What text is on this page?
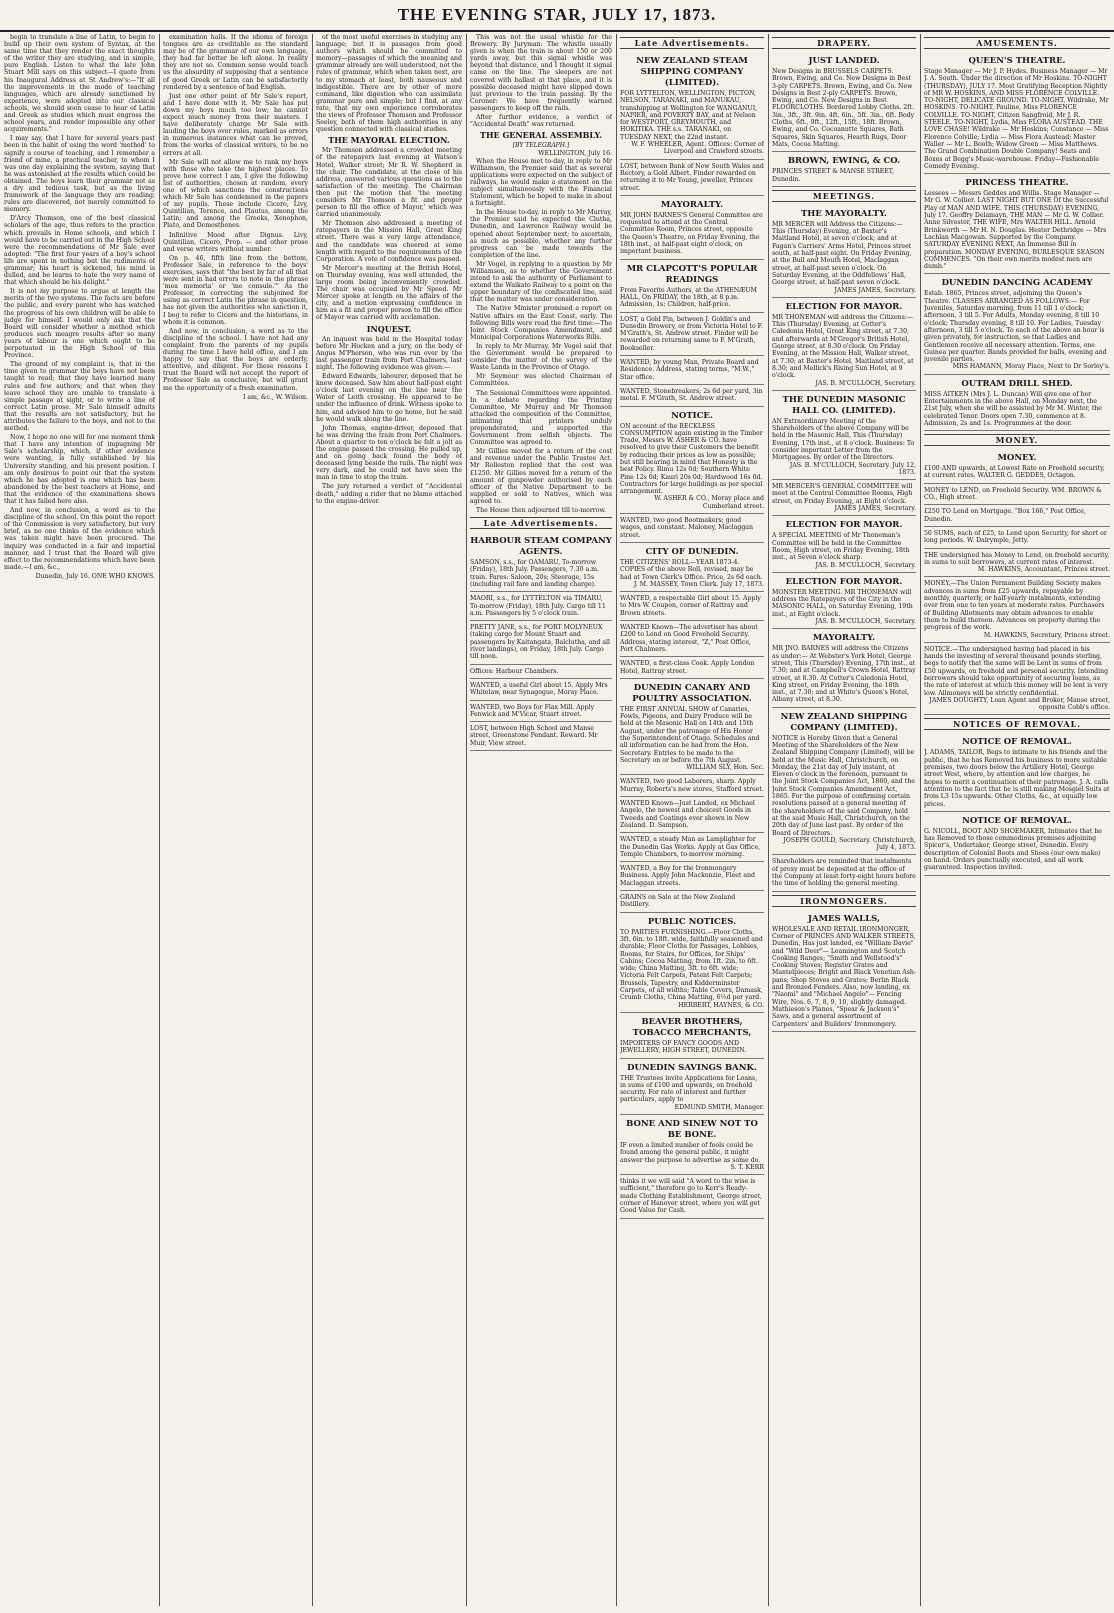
THE EVENING STAR, JULY 17, 1873.
begin to translate a line of Latin, to begin to build up their own system of Syntax, at the same time that they render the exact thoughts of the writer they are studying, and in simple, pure English. Listen to what the late John Stuart Mill says on this subject—I quote from his Inaugural Address at St Andrew's:—"If all the improvements in the mode of teaching languages, which are already sanctioned by experience, were adopted into our classical schools, we should soon cease to hear of Latin and Greek as studies which must engross the school years, and render impossible any other acquirements."
I may say, that I have for several years past been in the habit of using the word 'method' to signify a course of teaching, and I remember a friend of mine, a practical teacher, to whom I was one day explaining the system, saying that he was astonished at the results which could be obtained. The boys learn their grammar not as a dry and tedious task, but as the living framework of the language they are reading; rules are discovered, not merely committed to memory.
D'Arcy Thomson, one of the best classical scholars of the age, thus refers to the practice which prevails in Home schools, and which I would have to be carried out in the High School were the recommendations of Mr Sale ever adopted: "The first four years of a boy's school life are spent in nothing but the rudiments of grammar; his heart is sickened, his mind is dulled, and he learns to hate the very name of that which should be his delight."
It is not my purpose to argue at length the merits of the two systems. The facts are before the public, and every parent who has watched the progress of his own children will be able to judge for himself. I would only ask that the Board will consider whether a method which produces such meagre results after so many years of labour is one which ought to be perpetuated in the High School of this Province.
The ground of my complaint is, that in the time given to grammar the boys have not been taught to read; that they have learned many rules and few authors; and that when they leave school they are unable to translate a simple passage at sight, or to write a line of correct Latin prose. Mr Sale himself admits that the results are not satisfactory, but he attributes the failure to the boys, and not to the method.
Now, I hope no one will for one moment think that I have any intention of impugning Mr Sale's scholarship, which, if other evidence were wanting, is fully established by his University standing, and his present position. I am only desirous to point out that the system which he has adopted is one which has been abandoned by the best teachers at Home, and that the evidence of the examinations shows that it has failed here also.
And now, in conclusion, a word as to the discipline of the school. On this point the report of the Commission is very satisfactory, but very brief, as no one thinks of the evidence which was taken might have been procured. The inquiry was conducted in a fair and impartial manner, and I trust that the Board will give effect to the recommendations which have been made.—I am, &c.,
Dunedin, July 16. ONE WHO KNOWS.
examination halls. If the idioms of foreign tongues are as creditable as the standard may be of the grammar of our own language, they had far better be left alone. In reality they are not so. Common sense would teach us the absurdity of supposing that a sentence of good Greek or Latin can be satisfactorily rendered by a sentence of bad English.
Just one other point of Mr Sale's report, and I have done with it. Mr Sale has put down my boys much too low; he cannot expect much money from their masters. I have deliberately charge Mr Sale with lauding the boys over rules, marked as errors in numerous instances what can be proved, from the works of classical writers, to be no errors at all.
Mr Sale will not allow me to rank my boys with those who take the highest places. To prove how correct I am, I give the following list of authorities, chosen at random, every one of which sanctions the constructions which Mr Sale has condemned in the papers of my pupils. These include Cicero, Livy, Quintilian, Terence, and Plautus, among the Latin; and among the Greeks, Xenophon, Plato, and Demosthenes.
Infinitive Mood after Dignus. Livy, Quintilian, Cicero, Prop. — and other prose and verse writers without number.
On p. 46, fifth line from the bottom, Professor Sale, in reference to the boys' exercises, says that "the best by far of all that were sent in had errors to note in the phrase 'mea memoria' or 'me consule.'" As the Professor, in correcting the subjoined for using as correct Latin the phrase in question, has not given the authorities who sanction it, I beg to refer to Cicero and the historians, in whom it is common.
And now, in conclusion, a word as to the discipline of the school. I have not had any complaint from the parents of my pupils during the time I have held office, and I am happy to say that the boys are orderly, attentive, and diligent. For these reasons I trust the Board will not accept the report of Professor Sale as conclusive, but will grant me the opportunity of a fresh examination.
I am, &c., W. Wilson.
of the most useful exercises in studying any language; but it is passages from good authors which should be committed to memory—passages of which the meaning and grammar already are well understood, not the rules of grammar, which when taken next, are to my stomach at least, both nauseous and indigestible. There are by other of more command, like digestion who can assimilate grammar pure and simple; but I find, at any rate, that my own experience corroborates the views of Professor Thomson and Professor Seeley, both of them high authorities in any question connected with classical studies.
THE MAYORAL ELECTION.
Mr Thomson addressed a crowded meeting of the ratepayers last evening at Watson's Hotel, Walker street; Mr R. W. Shepherd in the chair. The candidate, at the close of his address, answered various questions as to the satisfaction of the meeting. The Chairman then put the motion that 'the meeting considers Mr Thomson a fit and proper person to fill the office of Mayor,' which was carried unanimously.
Mr Thomson also addressed a meeting of ratepayers in the Mission Hall, Great King street. There was a very large attendance, and the candidate was cheered at some length with regard to the requirements of the Corporation. A vote of confidence was passed.
Mr Mercer's meeting at the British Hotel, on Thursday evening, was well attended, the large room being inconveniently crowded. The chair was occupied by Mr Speed. Mr Mercer spoke at length on the affairs of the city, and a motion expressing confidence in him as a fit and proper person to fill the office of Mayor was carried with acclamation.
INQUEST.
An inquest was held in the Hospital today before Mr Hocken and a jury, on the body of Angus M'Pherson, who was run over by the last passenger train from Port Chalmers, last night. The following evidence was given:—
Edward Edwards, labourer, deposed that he knew deceased. Saw him about half-past eight o'clock last evening on the line near the Water of Leith crossing. He appeared to be under the influence of drink. Witness spoke to him, and advised him to go home, but he said he would walk along the line.
John Thomas, engine-driver, deposed that he was driving the train from Port Chalmers. About a quarter to ten o'clock he felt a jolt as the engine passed the crossing. He pulled up, and on going back found the body of deceased lying beside the rails. The night was very dark, and he could not have seen the man in time to stop the train.
The jury returned a verdict of "Accidental death," adding a rider that no blame attached to the engine-driver.
This was not the usual whistle for the Brewery. By Juryman: The whistle usually given is when the train is about 150 or 200 yards away, but this signal whistle was beyond that distance, and I thought it signal came on the line. The sleepers are not covered with ballast at that place, and it is possible deceased might have slipped down just previous to the train passing. By the Coroner: We have frequently warned passengers to keep off the rails.
After further evidence, a verdict of "Accidental Death" was returned.
THE GENERAL ASSEMBLY.
[BY TELEGRAPH.]
WELLINGTON, July 16.
When the House met to-day, in reply to Mr Williamson, the Premier said that as several applications were expected on the subject of railways, he would make a statement on the subject simultaneously with the Financial Statement, which he hoped to make in about a fortnight.
In the House to-day, in reply to Mr Murray, the Premier said he expected the Clutha, Dunedin, and Lawrence Railway would be opened about September next; to ascertain, as much as possible, whether any further progress can be made towards the completion of the line.
Mr Vogel, in replying to a question by Mr Williamson, as to whether the Government intend to ask the authority of Parliament to extend the Waikato Railway to a point on the upper boundary of the confiscated line, said that the matter was under consideration.
The Native Minister promised a report on Native affairs on the East Coast, early. The following Bills were read the first time:—The Joint Stock Companies Amendment, and Municipal Corporations Waterworks Bills.
In reply to Mr Murray, Mr Vogel said that the Government would be prepared to consider the matter of the survey of the Waste Lands in the Province of Otago.
Mr Seymour was elected Chairman of Committees.
The Sessional Committees were appointed. In a debate regarding the Printing Committee, Mr Murray and Mr Thomson attacked the composition of the Committee, intimating that printers unduly preponderated, and supported the Government from selfish objects. The Committee was agreed to.
Mr Gillies moved for a return of the cost and revenue under the Public Trustee Act. Mr Rolleston replied that the cost was £1250. Mr Gillies moved for a return of the amount of gunpowder authorised by each officer of the Native Department to be supplied or sold to Natives, which was agreed to.
The House then adjourned till to-morrow.
Late Advertisements.
HARBOUR STEAM COMPANY AGENTS.
SAMSON, s.s., for OAMARU, To-morrow (Friday), 18th July. Passengers, 7.30 a.m. train. Fares: Saloon, 20s; Steerage, 15s (including rail fare and landing charge).
MAORI, s.s., for LYTTELTON via TIMARU, To-morrow (Friday), 18th July. Cargo till 11 a.m. Passengers by 5 o'clock train.
PRETTY JANE, s.s., for PORT MOLYNEUX (taking cargo for Mount Stuart and passengers by Kaitangata, Balclutha, and all river landings), on Friday, 18th July. Cargo till noon.
Offices: Harbour Chambers.
WANTED, a useful Girl about 15. Apply Mrs Whitelaw, near Synagogue, Moray Place.
WANTED, two Boys for Flax Mill. Apply Fenwick and M'Vicar, Stuart street.
LOST, between High School and Manse street, Greenstone Pendant. Reward. Mr Muir, View street.
Late Advertisements.
NEW ZEALAND STEAM SHIPPING COMPANY (LIMITED).
FOR LYTTELTON, WELLINGTON, PICTON, NELSON, TARANAKI, and MANUKAU, transhipping at Wellington for WANGANUI, NAPIER, and POVERTY BAY, and at Nelson for WESTPORT, GREYMOUTH, and HOKITIKA. THE s.s. TARANAKI, on TUESDAY NEXT, the 22nd instant.
W. F. WHEELER, Agent. Offices: Corner of Liverpool and Crawford streets.
LOST, between Bank of New South Wales and Rectory, a Gold Albert. Finder rewarded on returning it to Mr Young, jeweller, Princes street.
MAYORALTY.
MR JOHN BARNES'S General Committee are requested to attend at the Central Committee Room, Princes street, opposite the Queen's Theatre, on Friday Evening, the 18th inst., at half-past eight o'clock, on important business.
MR CLAPCOTT'S POPULAR READINGS
From Favorite Authors, at the ATHENÆUM HALL, On FRIDAY, the 18th, at 8 p.m. Admission, 1s; Children, half-price.
LOST, a Gold Pin, between J. Goldin's and Dunedin Brewery, or from Victoria Hotel to F. M'Grath's, St. Andrew street. Finder will be rewarded on returning same to F. M'Grath, Bookseller.
WANTED, by young Man, Private Board and Residence. Address, stating terms, "M.W.," Star office.
WANTED, Stonebreakers; 2s 6d per yard, 3in metal. F. M'Grath, St. Andrew street.
NOTICE.
ON account of the RECKLESS CONSUMPTION again existing in the Timber Trade, Messrs W. ASHER & CO. have resolved to give their Customers the benefit by reducing their prices as low as possible; but still bearing in mind that Honesty is the best Policy. Rimu 12s 0d; Southern White Pine 12s 0d; Kauri 20s 0d; Hardwood 16s 0d. Contractors for large buildings as per special arrangement.
W. ASHER & CO., Moray place and Cumberland street.
WANTED, two good Bootmakers; good wages, and constant. Maloney, Maclaggan street.
CITY OF DUNEDIN.
THE CITIZENS' ROLL—YEAR 1873-4. COPIES of the above Roll, revised, may be had at Town Clerk's Office. Price, 2s 6d each.
J. M. MASSEY, Town Clerk. July 17, 1873.
WANTED, a respectable Girl about 15. Apply to Mrs W. Coupon, corner of Rattray and Brown streets.
WANTED Known—The advertiser has about £200 to Lend on Good Freehold Security. Address, stating interest, "Z," Post Office, Port Chalmers.
WANTED, a first-class Cook. Apply London Hotel, Rattray street.
DUNEDIN CANARY AND POULTRY ASSOCIATION.
THE FIRST ANNUAL SHOW of Canaries, Fowls, Pigeons, and Dairy Produce will be held at the Masonic Hall on 14th and 15th August, under the patronage of His Honor the Superintendent of Otago. Schedules and all information can be had from the Hon. Secretary. Entries to be made to the Secretary on or before the 7th August.
WILLIAM SLY, Hon. Sec.
WANTED, two good Laborers, sharp. Apply Murray, Roberts's new stores, Stafford street.
WANTED Known—Just Landed, ex Michael Angelo, the newest and choicest Goods in Tweeds and Coatings ever shown in New Zealand. D. Sampson.
WANTED, a steady Man as Lamplighter for the Dunedin Gas Works. Apply at Gas Office, Temple Chambers, to-morrow morning.
WANTED, a Boy for the Ironmongery Business. Apply John Mackenzie, Fleet and Maclaggan streets.
GRAINS on Sale at the New Zealand Distillery.
PUBLIC NOTICES.
TO PARTIES FURNISHING.—Floor Cloths, 3ft. 6in. to 18ft. wide, faithfully seasoned and durable; Floor Cloths for Passages, Lobbies, Rooms, for Stairs, for Offices, for Ships' Cabins; Cocoa Matting, from 1ft. 2in. to 6ft. wide; China Matting, 3ft. to 6ft. wide; Victoria Felt Carpets, Patent Felt Carpets; Brussels, Tapestry, and Kidderminster Carpets, of all widths; Table Covers, Damask, Crumb Cloths, China Matting, 6½d per yard.
HERBERT, HAYNES, & CO.
BEAVER BROTHERS, TOBACCO MERCHANTS,
IMPORTERS OF FANCY GOODS AND JEWELLERY, HIGH STREET, DUNEDIN.
DUNEDIN SAVINGS BANK.
THE Trustees invite Applications for Loans, in sums of £100 and upwards, on freehold security. For rate of interest and further particulars, apply to
EDMUND SMITH, Manager.
BONE AND SINEW NOT TO BE BONE.
IF even a limited number of fools could be found among the general public, it might answer the purpose to advertise as some do.
S. T. KERR
thinks it we will said "A word to the wise is sufficient," therefore go to Kerr's Ready-made Clothing Establishment, George street, corner of Hanover street, where you will get Good Value for Cash.
DRAPERY.
JUST LANDED.
New Designs in BRUSSELS CARPETS. Brown, Ewing, and Co. New Designs in Best 3-ply CARPETS. Brown, Ewing, and Co. New Designs in Best 2-ply CARPETS. Brown, Ewing, and Co. New Designs in Best FLOORCLOTHS. Bordered Lobby Cloths. 2ft. 3in., 3ft., 3ft. 9in. 4ft. 6in., 5ft. 3in., 6ft. Body Cloths, 6ft., 9ft., 12ft., 15ft., 18ft. Brown, Ewing, and Co. Cocoanutte Squares, Bath Squares, Skin Squares, Hearth Rugs, Door Mats, Cocoa Matting.
BROWN, EWING, & CO.
PRINCES STREET & MANSE STREET, Dunedin.
MEETINGS.
THE MAYORALTY.
MR MERCER will Address the Citizens:— This (Thursday) Evening, at Baxter's Maitland Hotel, at seven o'clock; and at Fagan's Carriers' Arms Hotel, Princes street south, at half-past eight. On Friday Evening, at the Bull and Mouth Hotel, Maclaggan street, at half-past seven o'clock. On Saturday Evening, at the Oddfellows' Hall, George street, at half-past seven o'clock.
JAMES JAMES, Secretary.
ELECTION FOR MAYOR.
MR THONEMAN will address the Citizens:— This (Thursday) Evening, at Cotter's Caledonia Hotel, Great King street, at 7.30, and afterwards at M'Gregor's British Hotel, George street, at 8.30 o'clock. On Friday Evening, at the Mission Hall, Walker street, at 7.30; at Baxter's Hotel, Maitland street, at 8.30; and Mellick's Rising Sun Hotel, at 9 o'clock.
JAS. B. M'CULLOCH, Secretary.
THE DUNEDIN MASONIC HALL CO. (LIMITED).
AN Extraordinary Meeting of the Shareholders of the above Company will be held in the Masonic Hall, This (Thursday) Evening, 17th inst., at 8 o'clock. Business: To consider important Letter from the Mortgagees. By order of the Directors.
JAS. B. M'CULLOCH, Secretary. July 12, 1873.
MR MERCER'S GENERAL COMMITTEE will meet at the Central Committee Rooms, High street, on Friday Evening, at Eight o'clock.
JAMES JAMES, Secretary.
ELECTION FOR MAYOR.
A SPECIAL MEETING of Mr Thoneman's Committee will be held in the Committee Room, High street, on Friday Evening, 18th inst., at Seven o'clock sharp.
JAS. B. M'CULLOCH, Secretary.
ELECTION FOR MAYOR.
MONSTER MEETING. MR THONEMAN will address the Ratepayers of the City in the MASONIC HALL, on Saturday Evening, 19th inst., at Eight o'clock.
JAS. B. M'CULLOCH, Secretary.
MAYORALTY.
MR JNO. BARNES will address the Citizens as under:— At Webster's York Hotel, George street, This (Thursday) Evening, 17th inst., at 7.30; and at Campbell's Crown Hotel, Rattray street, at 8.30. At Cotter's Caledonia Hotel, King street, on Friday Evening, the 18th inst., at 7.30; and at White's Queen's Hotel, Albany street, at 8.30.
NEW ZEALAND SHIPPING COMPANY (LIMITED).
NOTICE is Hereby Given that a General Meeting of the Shareholders of the New Zealand Shipping Company (Limited), will be held at the Music Hall, Christchurch, on Monday, the 21st day of July instant, at Eleven o'clock in the forenoon, pursuant to the Joint Stock Companies Act, 1860, and the Joint Stock Companies Amendment Act, 1865. For the purpose of confirming certain resolutions passed at a general meeting of the shareholders of the said Company, held at the said Music Hall, Christchurch, on the 20th day of June last past. By order of the Board of Directors.
JOSEPH GOULD, Secretary. Christchurch, July 4, 1873.
Shareholders are reminded that instalments of proxy must be deposited at the office of the Company at least forty-eight hours before the time of holding the general meeting.
IRONMONGERS.
JAMES WALLS,
WHOLESALE AND RETAIL IRONMONGER, Corner of PRINCES AND WALKER STREETS, Dunedin, Has just landed, ex "William Davie" and "Wild Deer"— Leamington and Scotch Cooking Ranges; "Smith and Wellstood's" Cooking Stoves; Register Grates and Mantelpieces; Bright and Black Venetian Ash-pans; Shop Stoves and Grates; Berlin Black and Bronzed Fenders. Also, now landing, ex "Naomi" and "Michael Angelo"— Fencing Wire, Nos. 6, 7, 8, 9, 10, slightly damaged. Mathieson's Planes, "Spear & Jackson's" Saws, and a general assortment of Carpenters' and Builders' Ironmongery.
AMUSEMENTS.
QUEEN'S THEATRE.
Stage Manager — Mr J. P. Hydes. Business Manager — Mr J. A. South. Under the direction of Mr Hoskins. TO-NIGHT (THURSDAY), JULY 17. Most Gratifying Reception Nightly of MR W. HOSKINS, AND MISS FLORENCE COLVILLE. TO-NIGHT, DELICATE GROUND. TO-NIGHT, Wildrake, Mr HOSKINS. TO-NIGHT, Pauline, Miss FLORENCE COLVILLE. TO-NIGHT, Citizen Sangfroid, Mr J. R. STEELE. TO-NIGHT, Lydia, Miss FLORA AUSTEAD. THE LOVE CHASE! Wildrake — Mr Hoskins; Constance — Miss Florence Colville; Lydia — Miss Flora Austead; Master Waller — Mr L. Booth; Widow Green — Miss Matthews. The Grand Combination Double Company! Seats and Boxes at Begg's Music-warehouse. Friday—Fashionable Comedy Evening.
PRINCESS THEATRE.
Lessees — Messrs Geddes and Willis. Stage Manager — Mr G. W. Collier. LAST NIGHT BUT ONE Of the Successful Play of MAN AND WIFE. THIS (THURSDAY) EVENING, July 17. Geoffry Delamayn, THE MAN — Mr G. W. Collier. Anne Silvester, THE WIFE, Mrs WALTER HILL. Arnold Brinkworth — Mr H. N. Douglas. Hester Dethridge — Mrs Lachlan Macgowan. Supported by the Company. SATURDAY EVENING NEXT, An Immense Bill in preparation. MONDAY EVENING, BURLESQUE SEASON COMMENCES. "On their own merits modest men are dumb."
DUNEDIN DANCING ACADEMY
Estab. 1865, Princes street, adjoining the Queen's Theatre. CLASSES ARRANGED AS FOLLOWS:— For Juveniles, Saturday morning, from 11 till 1 o'clock; afternoon, 3 till 5. For Adults, Monday evening, 8 till 10 o'clock; Thursday evening, 8 till 10. For Ladies, Tuesday afternoon, 3 till 5 o'clock. To each of the above an hour is given privately, for instruction, so that Ladies and Gentlemen receive all necessary attention. Terms, one Guinea per quarter. Bands provided for balls, evening and juvenile parties.
MRS HAMANN, Moray Place, Next to Dr Sorley's.
OUTRAM DRILL SHED.
MISS AITKEN (Mrs J. L. Duncan) Will give one of her Entertainments in the above Hall, on Monday next, the 21st July, when she will be assisted by Mr M. Winter, the celebrated Tenor. Doors open 7.30, commence at 8. Admission, 2s and 1s. Programmes at the door.
MONEY.
MONEY.
£100 AND upwards, at Lowest Rate on Freehold security, at current rates. WALTER G. GEDDES, Octagon.
MONEY to LEND, on Freehold Security. WM. BROWN & CO., High street.
£250 TO Lend on Mortgage. "Box 166," Post Office, Dunedin.
50 SUMS, each of £25, to Lend upon Security, for short or long periods. W. Dalrymple, Jetty.
THE undersigned has Money to Lend, on freehold security, in sums to suit borrowers, at current rates of interest.
M. HAWKINS, Accountant, Princes street.
MONEY.—The Union Permanent Building Society makes advances in sums from £25 upwards, repayable by monthly, quarterly, or half-yearly instalments, extending over from one to ten years at moderate rates. Purchasers of Building Allotments may obtain advances to enable them to build thereon. Advances on property during the progress of the work.
M. HAWKINS, Secretary, Princes street.
NOTICE.—The undersigned having had placed in his hands the investing of several thousand pounds sterling, begs to notify that the same will be Lent in sums of from £50 upwards, on freehold and personal security. Intending borrowers should take opportunity of securing loans, as the rate of interest at which this money will be lent is very low. Allmoneys will be strictly confidential.
JAMES DOUGHTY, Loan Agent and Broker, Manse street, opposite Cobb's office.
NOTICES OF REMOVAL.
NOTICE OF REMOVAL.
J. ADAMS, TAILOR, Begs to intimate to his friends and the public, that he has Removed his business to more suitable premises, two doors below the Artillery Hotel, George street West, where, by attention and low charges, he hopes to merit a continuation of their patronage. J. A. calls attention to the fact that he is still making Mosgiel Suits at from L3 15s upwards. Other Cloths, &c., at equally low prices.
NOTICE OF REMOVAL.
G. NICOLL, BOOT AND SHOEMAKER, Intimates that he has Removed to those commodious premises adjoining Spicer's, Undertaker, George street, Dunedin. Every description of Colonial Boots and Shoes (our own make) on hand. Orders punctually executed, and all work guaranteed. Inspection invited.
